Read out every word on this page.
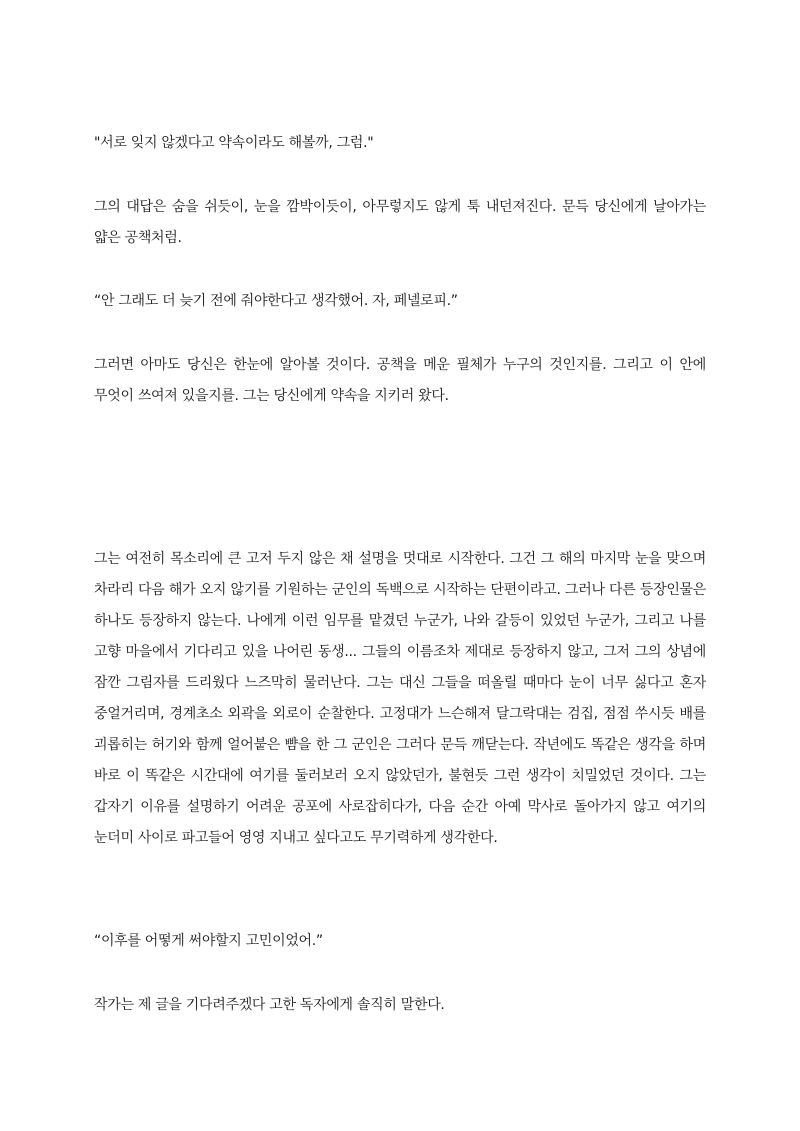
"서로 잊지 않겠다고 약속이라도 해볼까, 그럼."

그의 대답은 숨을 쉬듯이, 눈을 깜박이듯이, 아무렇지도 않게 툭 내던져진다. 문득 당신에게 날아가는 얇은 공책처럼.

“안 그래도 더 늦기 전에 줘야한다고 생각했어. 자, 페넬로피.”

그러면 아마도 당신은 한눈에 알아볼 것이다. 공책을 메운 필체가 누구의 것인지를. 그리고 이 안에 무엇이 쓰여져 있을지를. 그는 당신에게 약속을 지키러 왔다.

그는 여전히 목소리에 큰 고저 두지 않은 채 설명을 멋대로 시작한다. 그건 그 해의 마지막 눈을 맞으며 차라리 다음 해가 오지 않기를 기원하는 군인의 독백으로 시작하는 단편이라고. 그러나 다른 등장인물은 하나도 등장하지 않는다. 나에게 이런 임무를 맡겼던 누군가, 나와 갈등이 있었던 누군가, 그리고 나를 고향 마을에서 기다리고 있을 나어린 동생... 그들의 이름조차 제대로 등장하지 않고, 그저 그의 상념에 잠깐 그림자를 드리웠다 느즈막히 물러난다. 그는 대신 그들을 떠올릴 때마다 눈이 너무 싫다고 혼자 중얼거리며, 경계초소 외곽을 외로이 순찰한다. 고정대가 느슨해져 달그락대는 검집, 점점 쑤시듯 배를 괴롭히는 허기와 함께 얼어붙은 뺨을 한 그 군인은 그러다 문득 깨닫는다. 작년에도 똑같은 생각을 하며 바로 이 똑같은 시간대에 여기를 둘러보러 오지 않았던가, 불현듯 그런 생각이 치밀었던 것이다. 그는 갑자기 이유를 설명하기 어려운 공포에 사로잡히다가, 다음 순간 아예 막사로 돌아가지 않고 여기의 눈더미 사이로 파고들어 영영 지내고 싶다고도 무기력하게 생각한다.

“이후를 어떻게 써야할지 고민이었어.”

작가는 제 글을 기다려주겠다 고한 독자에게 솔직히 말한다.
